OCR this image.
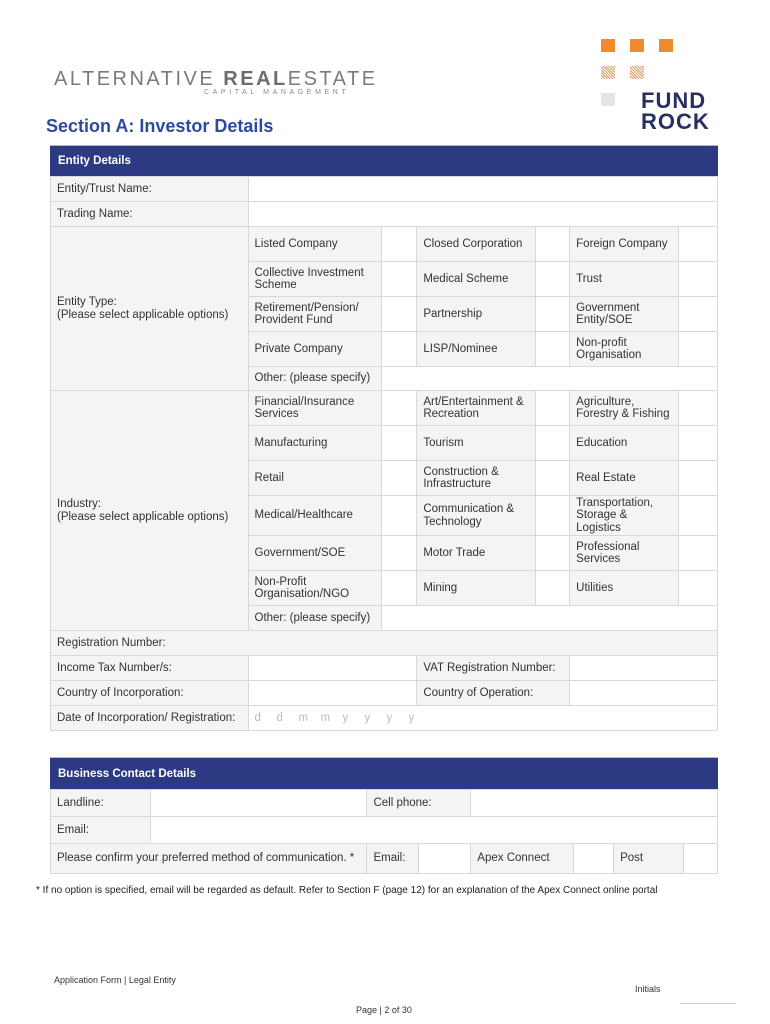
ALTERNATIVE REALESTATE
CAPITAL MANAGEMENT	FUND
ROCK
Section A: Investor Details
Entity Details
Entity/Trust Name:						
Trading Name:						

Entity Type:
(Please select applicable options)	Listed Company		Closed Corporation		Foreign Company	
	Collective Investment Scheme		Medical Scheme		Trust	
	Retirement/Pension/ Provident Fund		Partnership		Government Entity/SOE	
	Private Company		LISP/Nominee		Non-profit Organisation	
	Other: (please specify)					

Industry:
(Please select applicable options)	Financial/Insurance Services		Art/Entertainment & Recreation		Agriculture, Forestry & Fishing	
	Manufacturing		Tourism		Education	
	Retail		Construction & Infrastructure		Real Estate	
	Medical/Healthcare		Communication & Technology		Transportation, Storage & Logistics	
	Government/SOE		Motor Trade		Professional Services	
	Non-Profit Organisation/NGO		Mining		Utilities	
	Other: (please specify)					
Registration Number:						
Income Tax Number/s:			VAT Registration Number:			
Country of Incorporation:			Country of Operation:			
Date of Incorporation/ Registration:	d d m m y y y y					
Business Contact Details
Landline:		Cell phone:					
Email:							
Please confirm your preferred method of communication. *		Email:		Apex Connect		Post	
* If no option is specified, email will be regarded as default. Refer to Section F (page 12) for an explanation of the Apex Connect online portal
Application Form | Legal Entity
Initials
Page | 2 of 30
